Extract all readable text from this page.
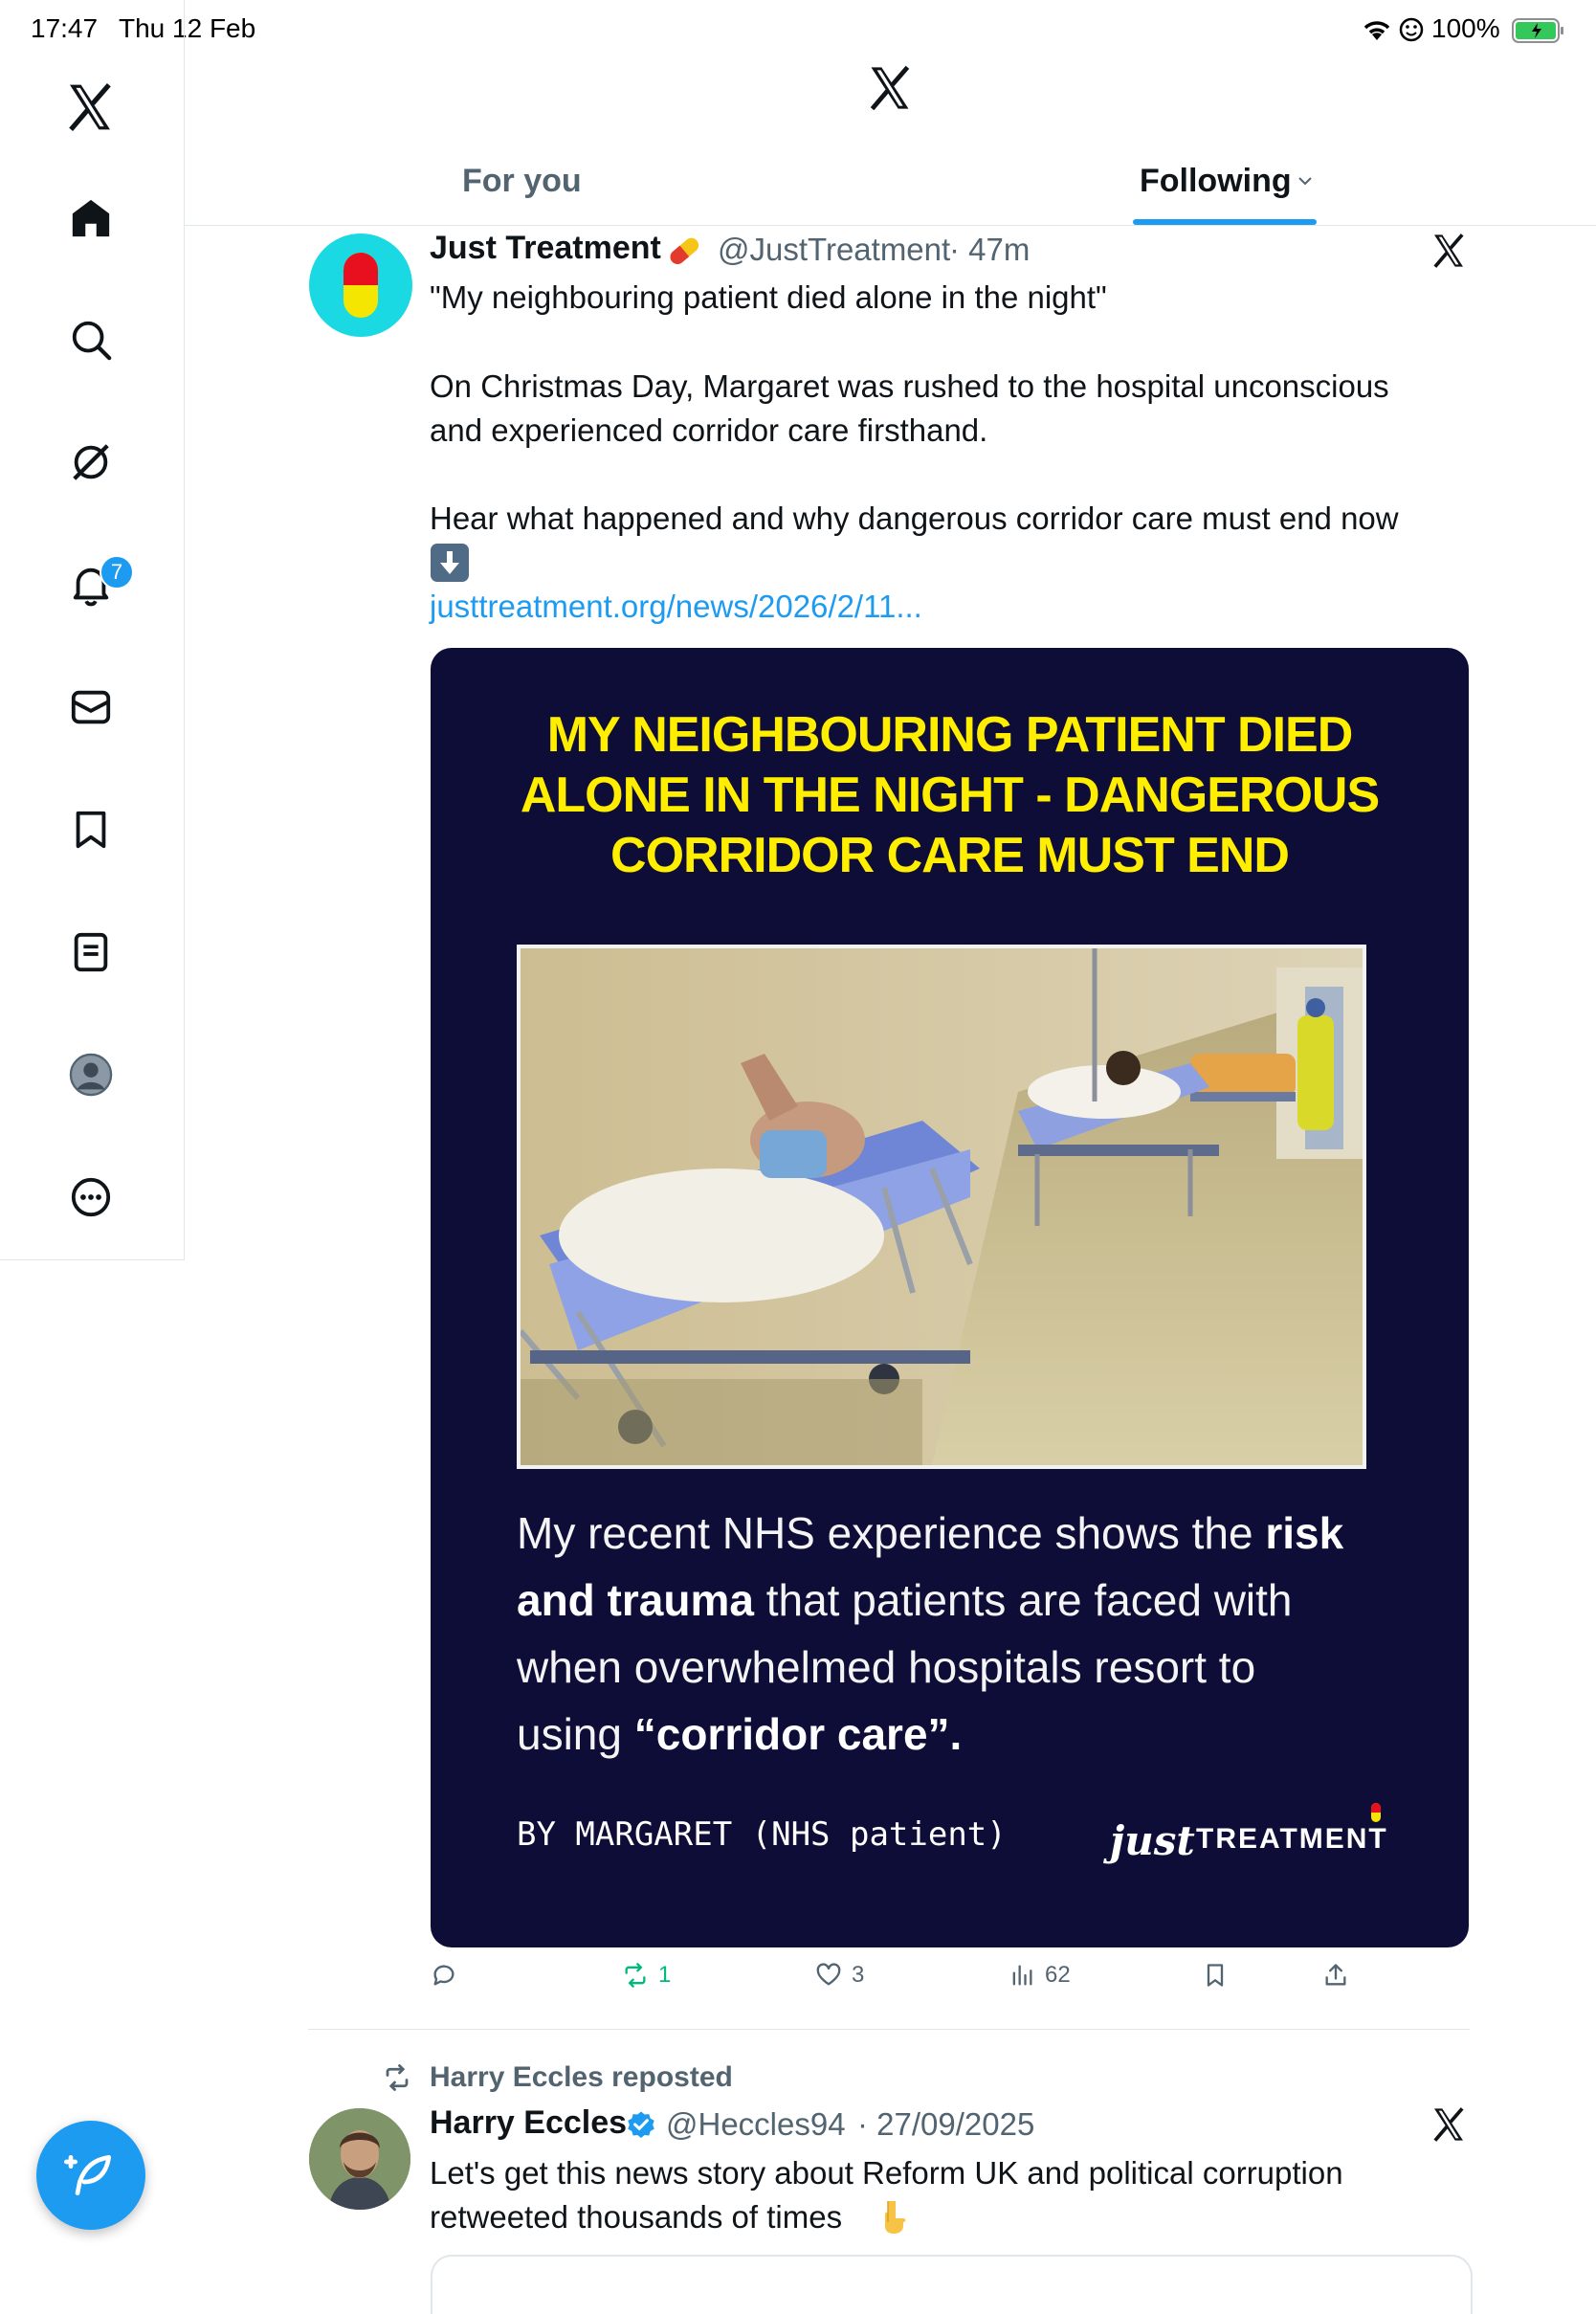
17:47 Thu 12 Feb	100%
7
For you	Following
Just Treatment @JustTreatment
· 47m
"My neighbouring patient died alone in the night"
On Christmas Day, Margaret was rushed to the hospital unconscious
and experienced corridor care firsthand.
Hear what happened and why dangerous corridor care must end now
justtreatment.org/news/2026/2/11...
MY NEIGHBOURING PATIENT DIED
ALONE IN THE NIGHT - DANGEROUS
CORRIDOR CARE MUST END
My recent NHS experience shows the risk
and trauma that patients are faced with
when overwhelmed hospitals resort to
using “corridor care”.
BY MARGARET (NHS patient)	just TREATMENT
1	3	62
Harry Eccles reposted
Harry Eccles @Heccles94 · 27/09/2025
Let's get this news story about Reform UK and political corruption
retweeted thousands of times
